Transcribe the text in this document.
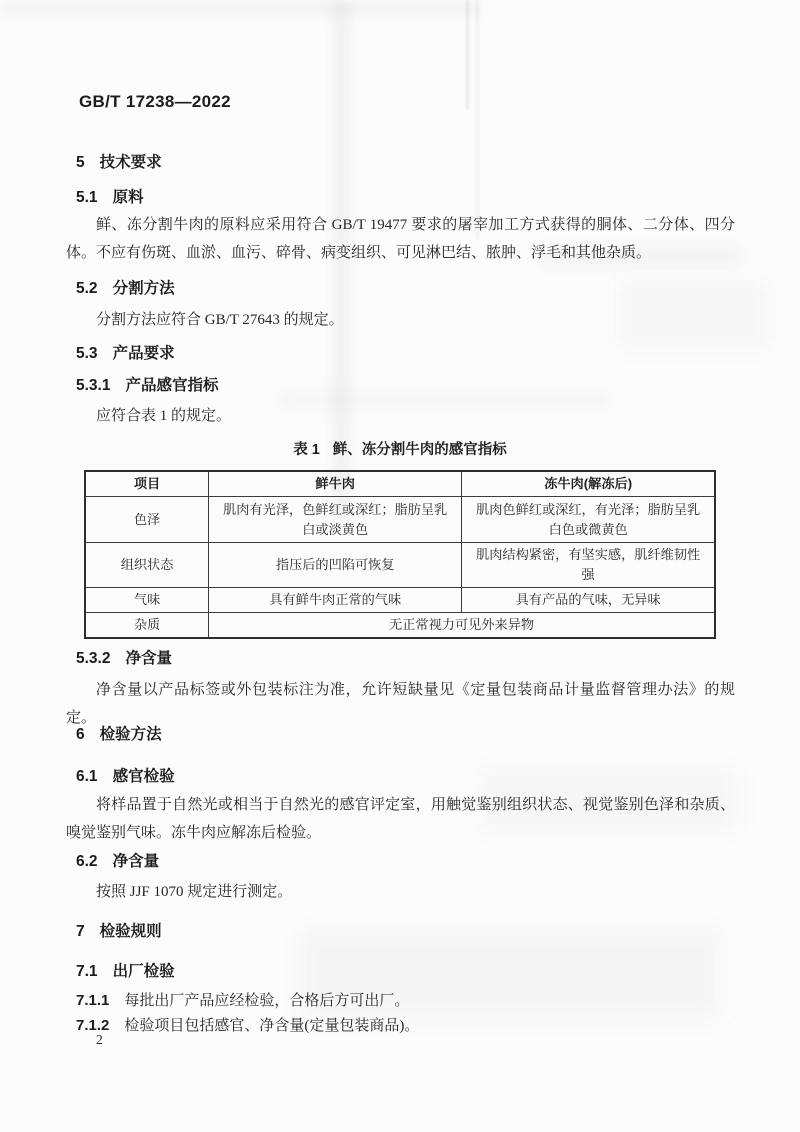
GB/T 17238—2022
5 技术要求
5.1 原料
鲜、冻分割牛肉的原料应采用符合 GB/T 19477 要求的屠宰加工方式获得的胴体、二分体、四分体。不应有伤斑、血淤、血污、碎骨、病变组织、可见淋巴结、脓肿、浮毛和其他杂质。
5.2 分割方法
分割方法应符合 GB/T 27643 的规定。
5.3 产品要求
5.3.1 产品感官指标
应符合表 1 的规定。
表 1 鲜、冻分割牛肉的感官指标
项目	鲜牛肉	冻牛肉(解冻后)
色泽	肌肉有光泽，色鲜红或深红；脂肪呈乳白或淡黄色	肌肉色鲜红或深红，有光泽；脂肪呈乳白色或微黄色
组织状态	指压后的凹陷可恢复	肌肉结构紧密，有坚实感，肌纤维韧性强
气味	具有鲜牛肉正常的气味	具有产品的气味，无异味
杂质	无正常视力可见外来异物	
5.3.2 净含量
净含量以产品标签或外包装标注为准，允许短缺量见《定量包装商品计量监督管理办法》的规定。
6 检验方法
6.1 感官检验
将样品置于自然光或相当于自然光的感官评定室，用触觉鉴别组织状态、视觉鉴别色泽和杂质、嗅觉鉴别气味。冻牛肉应解冻后检验。
6.2 净含量
按照 JJF 1070 规定进行测定。
7 检验规则
7.1 出厂检验
7.1.1 每批出厂产品应经检验，合格后方可出厂。
7.1.2 检验项目包括感官、净含量(定量包装商品)。
2
